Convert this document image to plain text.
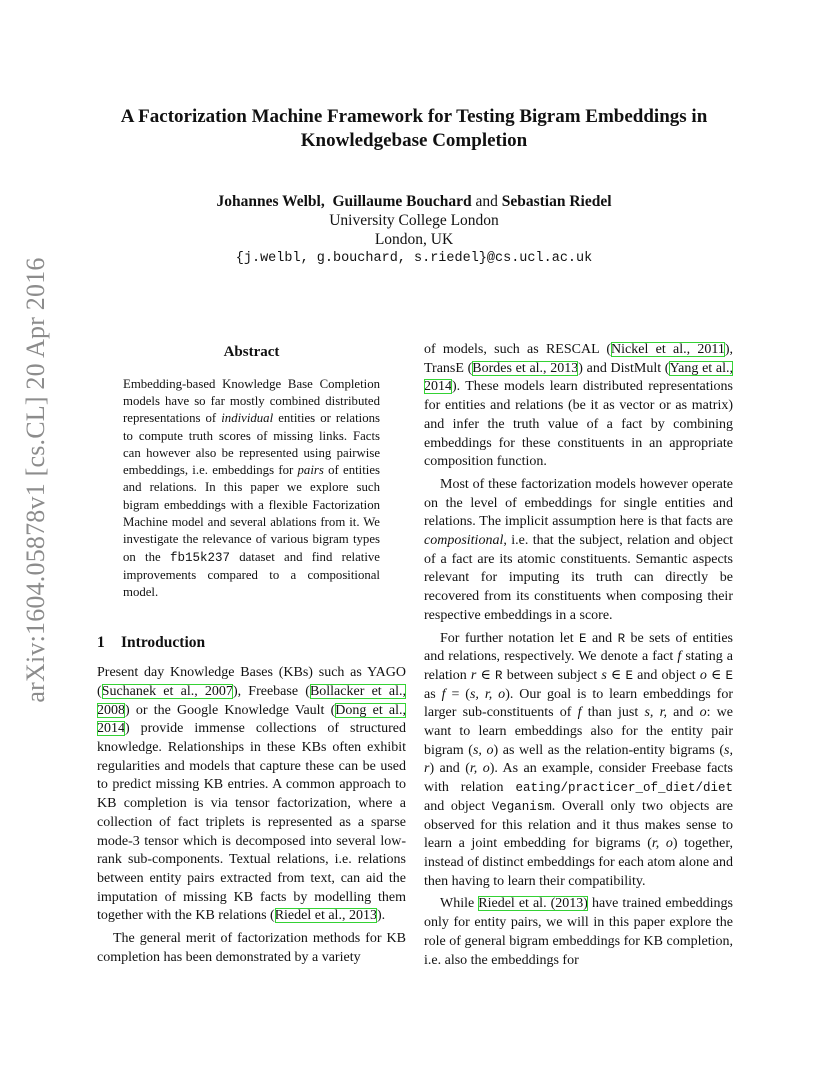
arXiv:1604.05878v1 [cs.CL] 20 Apr 2016
A Factorization Machine Framework for Testing Bigram Embeddings in
Knowledgebase Completion
Johannes Welbl, Guillaume Bouchard and Sebastian Riedel
University College London
London, UK
{j.welbl, g.bouchard, s.riedel}@cs.ucl.ac.uk
Abstract

Embedding-based Knowledge Base Completion models have so far mostly combined distributed representations of individual entities or relations to compute truth scores of missing links. Facts can however also be represented using pairwise embeddings, i.e. embeddings for pairs of entities and relations. In this paper we explore such bigram embeddings with a flexible Factorization Machine model and several ablations from it. We investigate the relevance of various bigram types on the fb15k237 dataset and find relative improvements compared to a compositional model.

1 Introduction

Present day Knowledge Bases (KBs) such as YAGO (Suchanek et al., 2007), Freebase (Bollacker et al., 2008) or the Google Knowledge Vault (Dong et al., 2014) provide immense collections of structured knowledge. Relationships in these KBs often exhibit regularities and models that capture these can be used to predict missing KB entries. A common approach to KB completion is via tensor factorization, where a collection of fact triplets is represented as a sparse mode-3 tensor which is decomposed into several low-rank sub-components. Textual relations, i.e. relations between entity pairs extracted from text, can aid the imputation of missing KB facts by modelling them together with the KB relations (Riedel et al., 2013).

The general merit of factorization methods for KB completion has been demonstrated by a variety

of models, such as RESCAL (Nickel et al., 2011), TransE (Bordes et al., 2013) and DistMult (Yang et al., 2014). These models learn distributed representations for entities and relations (be it as vector or as matrix) and infer the truth value of a fact by combining embeddings for these constituents in an appropriate composition function.

Most of these factorization models however operate on the level of embeddings for single entities and relations. The implicit assumption here is that facts are compositional, i.e. that the subject, relation and object of a fact are its atomic constituents. Semantic aspects relevant for imputing its truth can directly be recovered from its constituents when composing their respective embeddings in a score.

For further notation let E and R be sets of entities and relations, respectively. We denote a fact f stating a relation r ∈ R between subject s ∈ E and object o ∈ E as f = (s, r, o). Our goal is to learn embeddings for larger sub-constituents of f than just s, r, and o: we want to learn embeddings also for the entity pair bigram (s, o) as well as the relation-entity bigrams (s, r) and (r, o). As an example, consider Freebase facts with relation eating/practicer_of_diet/diet and object Veganism. Overall only two objects are observed for this relation and it thus makes sense to learn a joint embedding for bigrams (r, o) together, instead of distinct embeddings for each atom alone and then having to learn their compatibility.

While Riedel et al. (2013) have trained embeddings only for entity pairs, we will in this paper explore the role of general bigram embeddings for KB completion, i.e. also the embeddings for
